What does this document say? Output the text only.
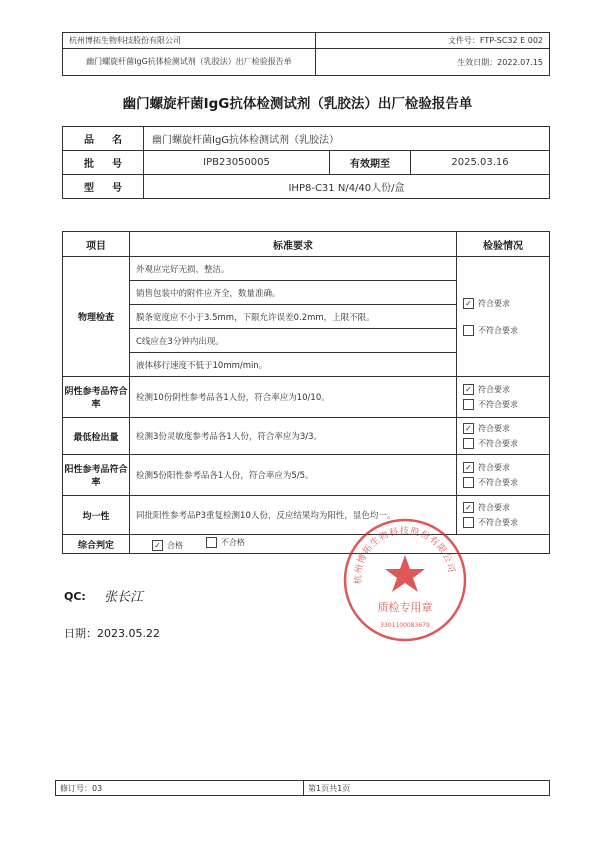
杭州博拓生物科技股份有限公司	文件号：FTP-SC32 E 002
幽门螺旋杆菌IgG抗体检测试剂（乳胶法）出厂检验报告单	生效日期：2022.07.15
幽门螺旋杆菌IgG抗体检测试剂（乳胶法）出厂检验报告单
品名	幽门螺旋杆菌IgG抗体检测试剂（乳胶法）		
批号	IPB23050005	有效期至	2025.03.16
型号	IHP8-C31 N/4/40人份/盒		
项目	标准要求	检验情况
物理检查	外观应完好无损，整洁。	✓ 符合要求
不符合要求

	销售包装中的附件应齐全，数量准确。	
	膜条宽度应不小于3.5mm，下限允许误差0.2mm，上限不限。	
	C线应在3分钟内出现。	
	液体移行速度不低于10mm/min。	
阴性参考品符合率	检测10份阴性参考品各1人份，符合率应为10/10。	✓ 符合要求
不符合要求

最低检出量	检测3份灵敏度参考品各1人份，符合率应为3/3。	✓ 符合要求
不符合要求

阳性参考品符合率	检测5份阳性参考品各1人份，符合率应为5/5。	✓ 符合要求
不符合要求

均一性	同批阳性参考品P3重复检测10人份，反应结果均为阳性，显色均一。	✓ 符合要求
不符合要求

综合判定	✓ 合格
不合格	
杭州博拓生物科技股份有限公司
质检专用章
3301100083679
QC: 张长江
日期：2023.05.22
修订号：03	第1页共1页
